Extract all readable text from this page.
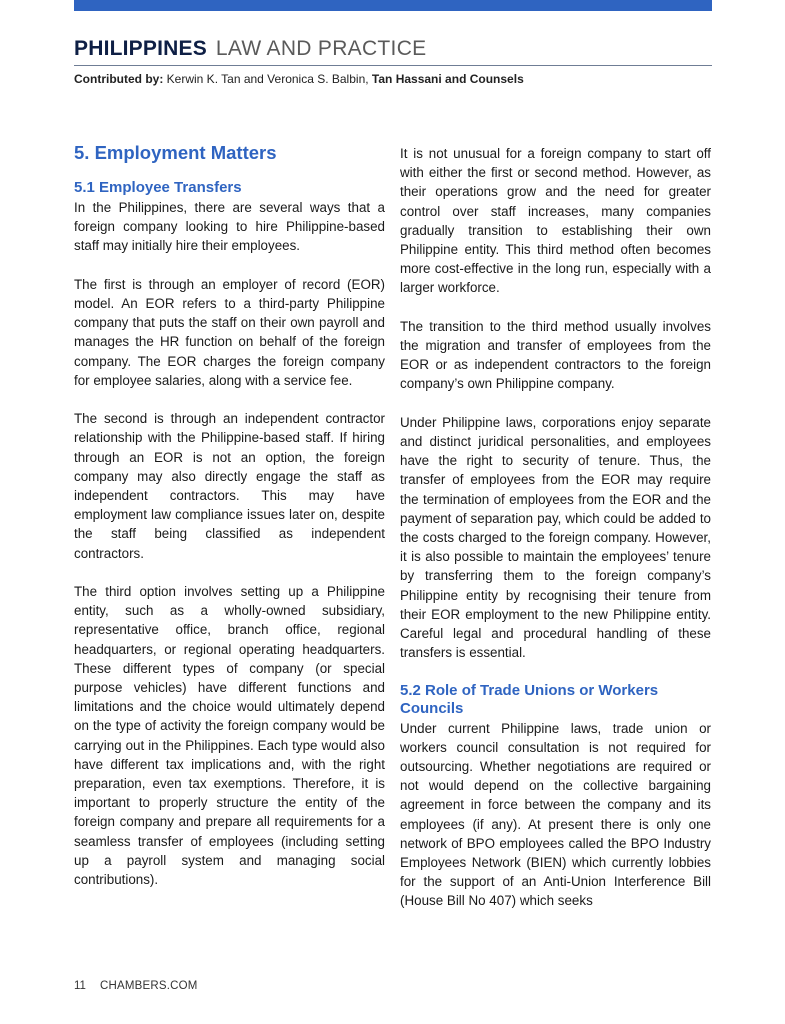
PHILIPPINES LAW AND PRACTICE
Contributed by: Kerwin K. Tan and Veronica S. Balbin, Tan Hassani and Counsels
5. Employment Matters
5.1 Employee Transfers

In the Philippines, there are several ways that a foreign company looking to hire Philippine-based staff may initially hire their employees.

The first is through an employer of record (EOR) model. An EOR refers to a third-party Philippine company that puts the staff on their own payroll and manages the HR function on behalf of the foreign company. The EOR charges the foreign company for employee salaries, along with a service fee.

The second is through an independent contractor relationship with the Philippine-based staff. If hiring through an EOR is not an option, the foreign company may also directly engage the staff as independent contractors. This may have employment law compliance issues later on, despite the staff being classified as independent contractors.

The third option involves setting up a Philippine entity, such as a wholly-owned subsidiary, representative office, branch office, regional headquarters, or regional operating headquarters. These different types of company (or special purpose vehicles) have different functions and limitations and the choice would ultimately depend on the type of activity the foreign company would be carrying out in the Philippines. Each type would also have different tax implications and, with the right preparation, even tax exemptions. Therefore, it is important to properly structure the entity of the foreign company and prepare all requirements for a seamless transfer of employees (including setting up a payroll system and managing social contributions).

It is not unusual for a foreign company to start off with either the first or second method. However, as their operations grow and the need for greater control over staff increases, many companies gradually transition to establishing their own Philippine entity. This third method often becomes more cost-effective in the long run, especially with a larger workforce.

The transition to the third method usually involves the migration and transfer of employees from the EOR or as independent contractors to the foreign company’s own Philippine company.

Under Philippine laws, corporations enjoy separate and distinct juridical personalities, and employees have the right to security of tenure. Thus, the transfer of employees from the EOR may require the termination of employees from the EOR and the payment of separation pay, which could be added to the costs charged to the foreign company. However, it is also possible to maintain the employees’ tenure by transferring them to the foreign company’s Philippine entity by recognising their tenure from their EOR employment to the new Philippine entity. Careful legal and procedural handling of these transfers is essential.

5.2 Role of Trade Unions or Workers Councils

Under current Philippine laws, trade union or workers council consultation is not required for outsourcing. Whether negotiations are required or not would depend on the collective bargaining agreement in force between the company and its employees (if any). At present there is only one network of BPO employees called the BPO Industry Employees Network (BIEN) which currently lobbies for the support of an Anti-Union Interference Bill (House Bill No 407) which seeks

11 CHAMBERS.COM
